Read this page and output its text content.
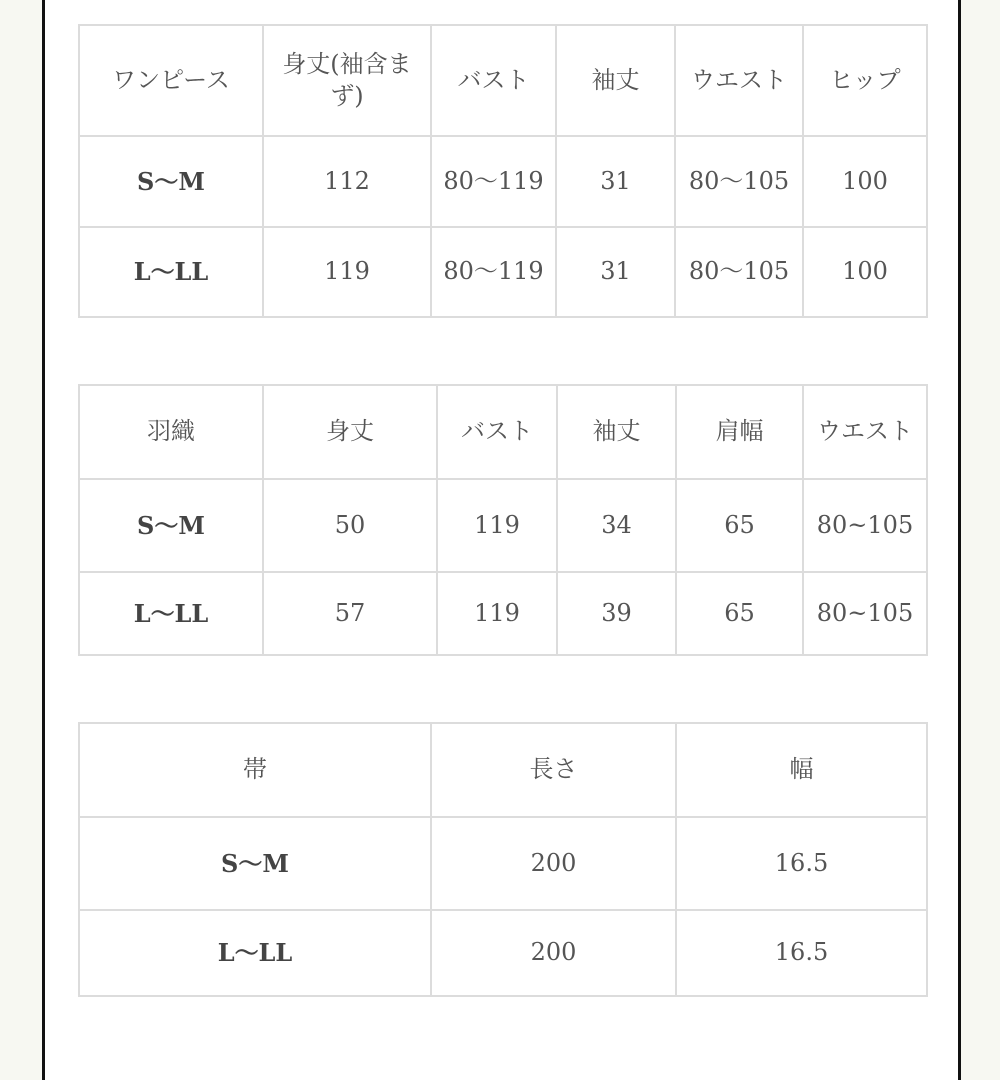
ワンピース	身丈(袖含まず)	バスト	袖丈	ウエスト	ヒップ
S～M	112	80～119	31	80～105	100
L～LL	119	80～119	31	80～105	100
羽織	身丈	バスト	袖丈	肩幅	ウエスト
S～M	50	119	34	65	80~105
L～LL	57	119	39	65	80~105
帯	長さ	幅
S～M	200	16.5
L～LL	200	16.5
